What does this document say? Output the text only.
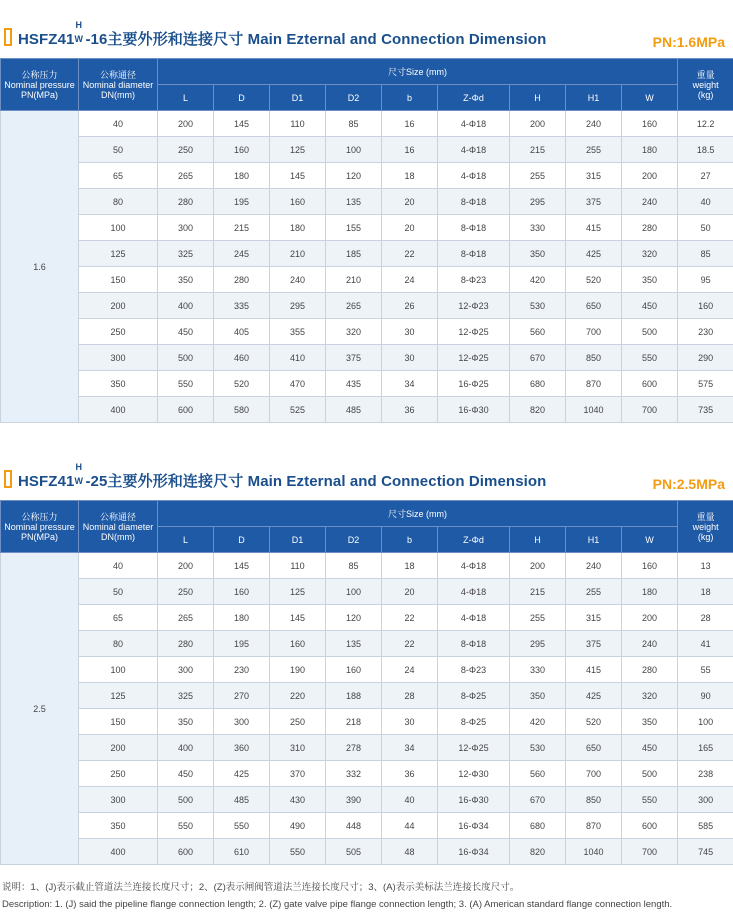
HSFZ41
H
W -16主要外形和连接尺寸 Main Ezternal and Connection Dimension	PN:1.6MPa
公称压力
Nominal pressure
PN(MPa)	公称通径
Nominal diameter
DN(mm)	尺寸Size (mm)									重量
weight
(kg)

		L	D	D1	D2	b	Z-Φd	H	H1	W	
1.6	40	200	145	110	85	16	4-Φ18	200	240	160	12.2
	50	250	160	125	100	16	4-Φ18	215	255	180	18.5
	65	265	180	145	120	18	4-Φ18	255	315	200	27
	80	280	195	160	135	20	8-Φ18	295	375	240	40
	100	300	215	180	155	20	8-Φ18	330	415	280	50
	125	325	245	210	185	22	8-Φ18	350	425	320	85
	150	350	280	240	210	24	8-Φ23	420	520	350	95
	200	400	335	295	265	26	12-Φ23	530	650	450	160
	250	450	405	355	320	30	12-Φ25	560	700	500	230
	300	500	460	410	375	30	12-Φ25	670	850	550	290
	350	550	520	470	435	34	16-Φ25	680	870	600	575
	400	600	580	525	485	36	16-Φ30	820	1040	700	735
HSFZ41
H
W -25主要外形和连接尺寸 Main Ezternal and Connection Dimension	PN:2.5MPa
公称压力
Nominal pressure
PN(MPa)	公称通径
Nominal diameter
DN(mm)	尺寸Size (mm)									重量
weight
(kg)

		L	D	D1	D2	b	Z-Φd	H	H1	W	
2.5	40	200	145	110	85	18	4-Φ18	200	240	160	13
	50	250	160	125	100	20	4-Φ18	215	255	180	18
	65	265	180	145	120	22	4-Φ18	255	315	200	28
	80	280	195	160	135	22	8-Φ18	295	375	240	41
	100	300	230	190	160	24	8-Φ23	330	415	280	55
	125	325	270	220	188	28	8-Φ25	350	425	320	90
	150	350	300	250	218	30	8-Φ25	420	520	350	100
	200	400	360	310	278	34	12-Φ25	530	650	450	165
	250	450	425	370	332	36	12-Φ30	560	700	500	238
	300	500	485	430	390	40	16-Φ30	670	850	550	300
	350	550	550	490	448	44	16-Φ34	680	870	600	585
	400	600	610	550	505	48	16-Φ34	820	1040	700	745
说明：1、(J)表示截止管道法兰连接长度尺寸；2、(Z)表示闸阀管道法兰连接长度尺寸；3、(A)表示美标法兰连接长度尺寸。
Description: 1. (J) said the pipeline flange connection length; 2. (Z) gate valve pipe flange connection length; 3. (A) American standard flange connection length.
